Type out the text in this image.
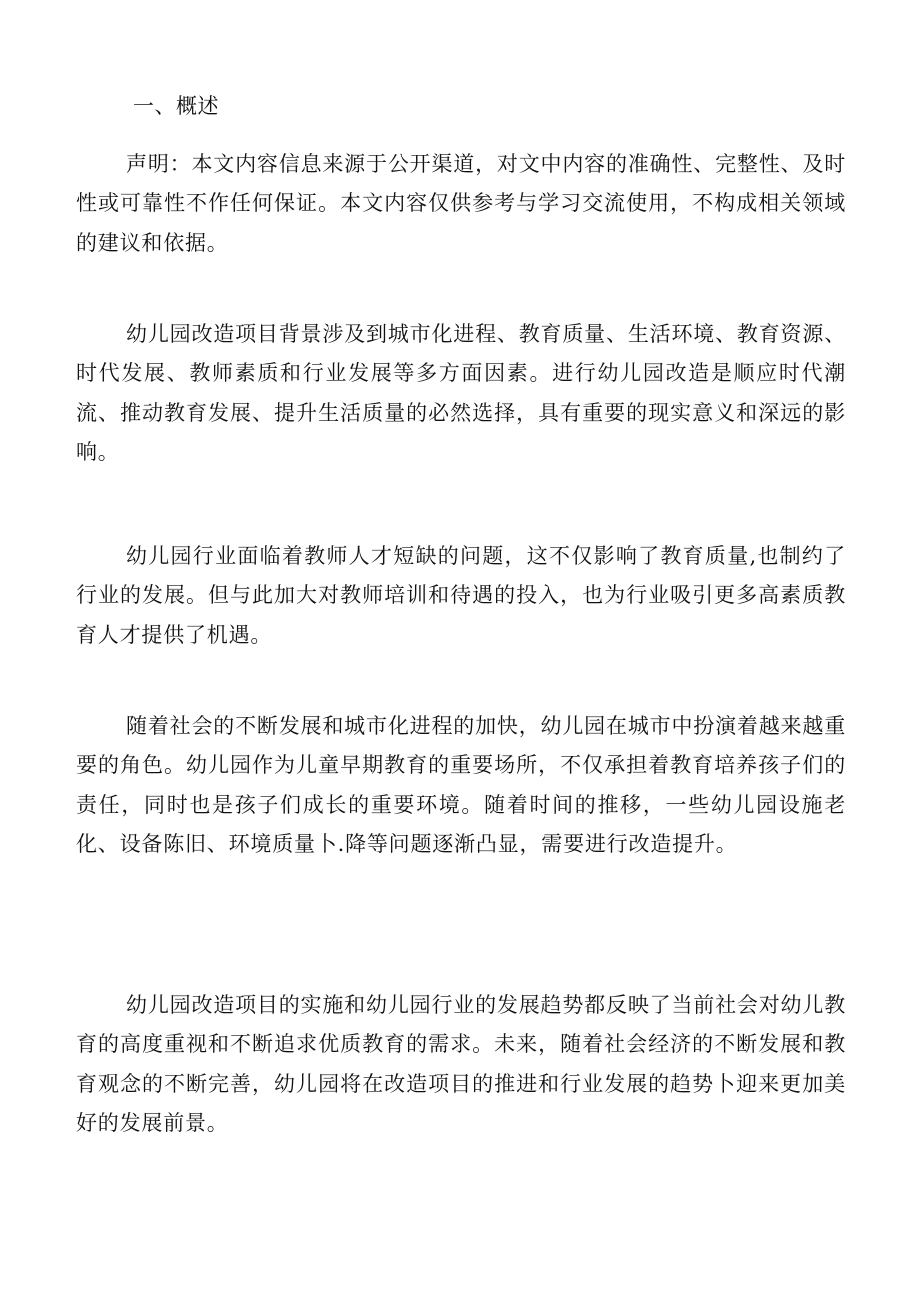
一、概述

声明：本文内容信息来源于公开渠道，对文中内容的准确性、完整性、及时性或可靠性不作任何保证。本文内容仅供参考与学习交流使用，不构成相关领域的建议和依据。

幼儿园改造项目背景涉及到城市化进程、教育质量、生活环境、教育资源、时代发展、教师素质和行业发展等多方面因素。进行幼儿园改造是顺应时代潮流、推动教育发展、提升生活质量的必然选择，具有重要的现实意义和深远的影响。

幼儿园行业面临着教师人才短缺的问题，这不仅影响了教育质量,也制约了行业的发展。但与此加大对教师培训和待遇的投入，也为行业吸引更多高素质教育人才提供了机遇。

随着社会的不断发展和城市化进程的加快，幼儿园在城市中扮演着越来越重要的角色。幼儿园作为儿童早期教育的重要场所，不仅承担着教育培养孩子们的责任，同时也是孩子们成长的重要环境。随着时间的推移，一些幼儿园设施老化、设备陈旧、环境质量卜.降等问题逐渐凸显，需要进行改造提升。

幼儿园改造项目的实施和幼儿园行业的发展趋势都反映了当前社会对幼儿教育的高度重视和不断追求优质教育的需求。未来，随着社会经济的不断发展和教育观念的不断完善，幼儿园将在改造项目的推进和行业发展的趋势卜迎来更加美好的发展前景。
